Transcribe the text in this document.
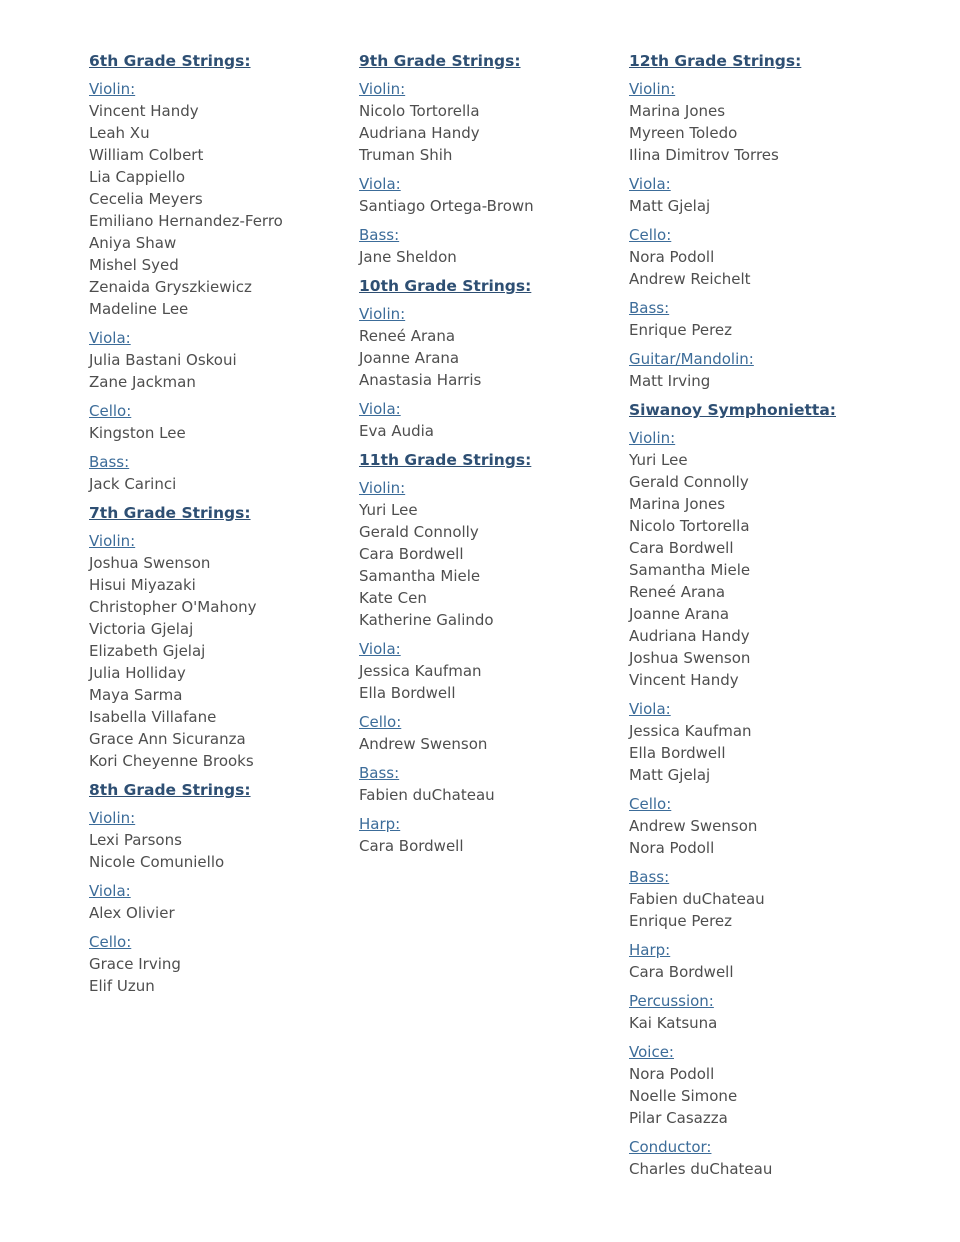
6th Grade Strings:
Violin:
Vincent Handy
Leah Xu
William Colbert
Lia Cappiello
Cecelia Meyers
Emiliano Hernandez-Ferro
Aniya Shaw
Mishel Syed
Zenaida Gryszkiewicz
Madeline Lee
Viola:
Julia Bastani Oskoui
Zane Jackman
Cello:
Kingston Lee
Bass:
Jack Carinci
7th Grade Strings:
Violin:
Joshua Swenson
Hisui Miyazaki
Christopher O'Mahony
Victoria Gjelaj
Elizabeth Gjelaj
Julia Holliday
Maya Sarma
Isabella Villafane
Grace Ann Sicuranza
Kori Cheyenne Brooks
8th Grade Strings:
Violin:
Lexi Parsons
Nicole Comuniello
Viola:
Alex Olivier
Cello:
Grace Irving
Elif Uzun
9th Grade Strings:
Violin:
Nicolo Tortorella
Audriana Handy
Truman Shih
Viola:
Santiago Ortega-Brown
Bass:
Jane Sheldon
10th Grade Strings:
Violin:
Reneé Arana
Joanne Arana
Anastasia Harris
Viola:
Eva Audia
11th Grade Strings:
Violin:
Yuri Lee
Gerald Connolly
Cara Bordwell
Samantha Miele
Kate Cen
Katherine Galindo
Viola:
Jessica Kaufman
Ella Bordwell
Cello:
Andrew Swenson
Bass:
Fabien duChateau
Harp:
Cara Bordwell
12th Grade Strings:
Violin:
Marina Jones
Myreen Toledo
Ilina Dimitrov Torres
Viola:
Matt Gjelaj
Cello:
Nora Podoll
Andrew Reichelt
Bass:
Enrique Perez
Guitar/Mandolin:
Matt Irving
Siwanoy Symphonietta:
Violin:
Yuri Lee
Gerald Connolly
Marina Jones
Nicolo Tortorella
Cara Bordwell
Samantha Miele
Reneé Arana
Joanne Arana
Audriana Handy
Joshua Swenson
Vincent Handy
Viola:
Jessica Kaufman
Ella Bordwell
Matt Gjelaj
Cello:
Andrew Swenson
Nora Podoll
Bass:
Fabien duChateau
Enrique Perez
Harp:
Cara Bordwell
Percussion:
Kai Katsuna
Voice:
Nora Podoll
Noelle Simone
Pilar Casazza
Conductor:
Charles duChateau
